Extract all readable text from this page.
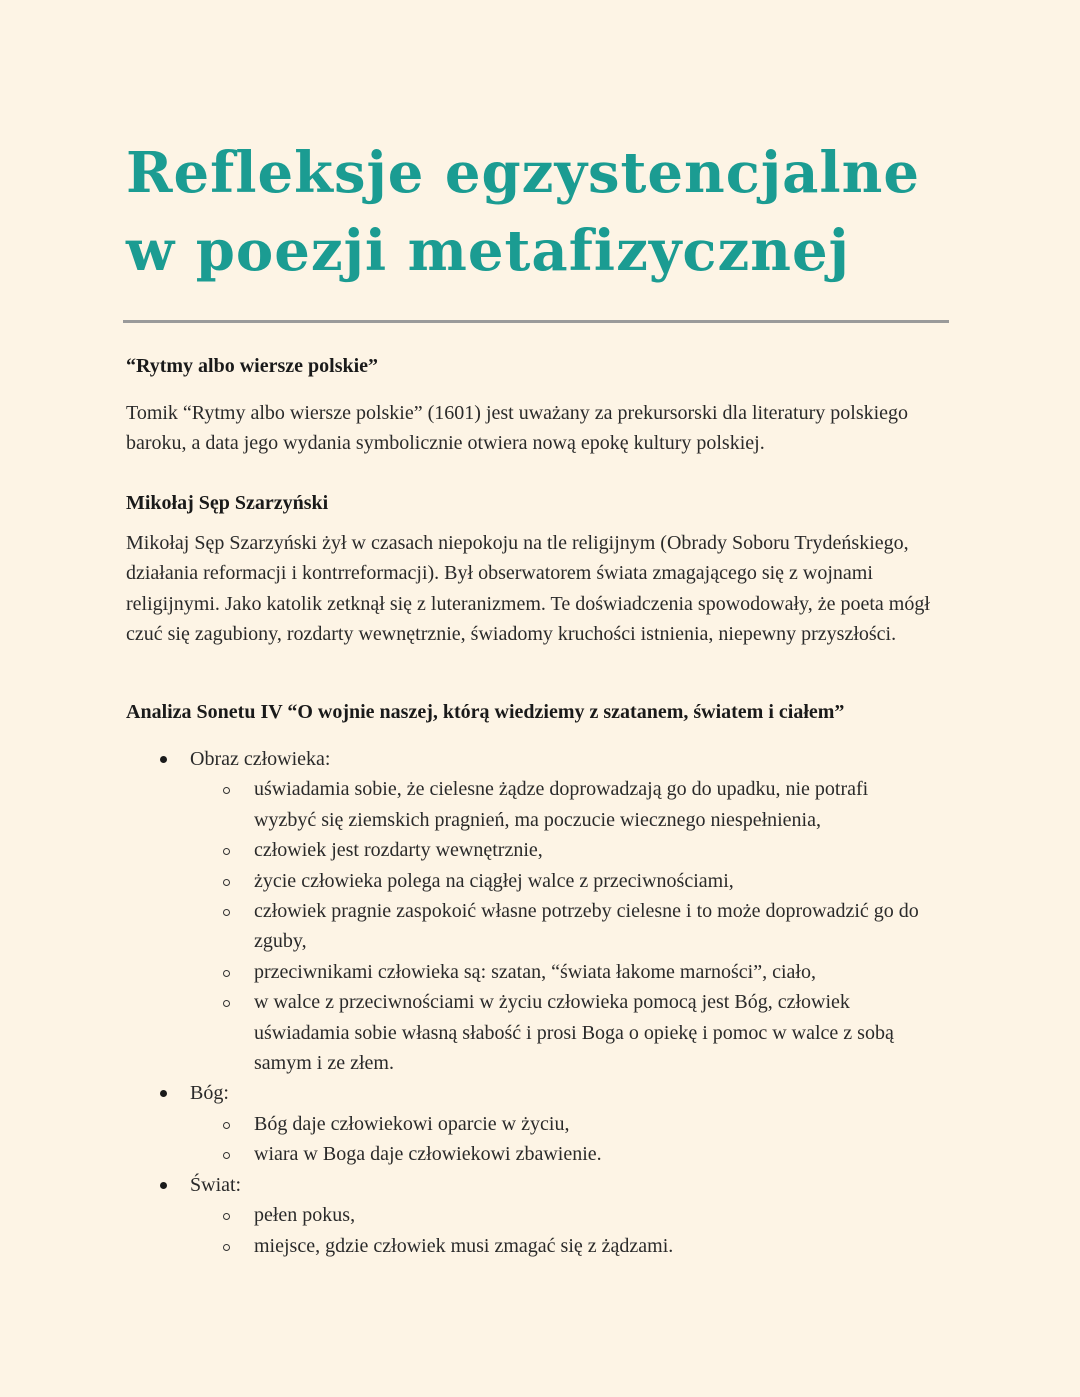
Refleksje egzystencjalne w poezji metafizycznej
“Rytmy albo wiersze polskie”

Tomik “Rytmy albo wiersze polskie” (1601) jest uważany za prekursorski dla literatury polskiego baroku, a data jego wydania symbolicznie otwiera nową epokę kultury polskiej.

Mikołaj Sęp Szarzyński

Mikołaj Sęp Szarzyński żył w czasach niepokoju na tle religijnym (Obrady Soboru Trydeńskiego, działania reformacji i kontrreformacji). Był obserwatorem świata zmagającego się z wojnami religijnymi. Jako katolik zetknął się z luteranizmem. Te doświadczenia spowodowały, że poeta mógł czuć się zagubiony, rozdarty wewnętrznie, świadomy kruchości istnienia, niepewny przyszłości.

Analiza Sonetu IV “O wojnie naszej, którą wiedziemy z szatanem, światem i ciałem”
Obraz człowieka:
uświadamia sobie, że cielesne żądze doprowadzają go do upadku, nie potrafi wyzbyć się ziemskich pragnień, ma poczucie wiecznego niespełnienia,
człowiek jest rozdarty wewnętrznie,
życie człowieka polega na ciągłej walce z przeciwnościami,
człowiek pragnie zaspokoić własne potrzeby cielesne i to może doprowadzić go do zguby,
przeciwnikami człowieka są: szatan, “świata łakome marności”, ciało,
w walce z przeciwnościami w życiu człowieka pomocą jest Bóg, człowiek uświadamia sobie własną słabość i prosi Boga o opiekę i pomoc w walce z sobą samym i ze złem.
Bóg:
Bóg daje człowiekowi oparcie w życiu,
wiara w Boga daje człowiekowi zbawienie.
Świat:
pełen pokus,
miejsce, gdzie człowiek musi zmagać się z żądzami.
